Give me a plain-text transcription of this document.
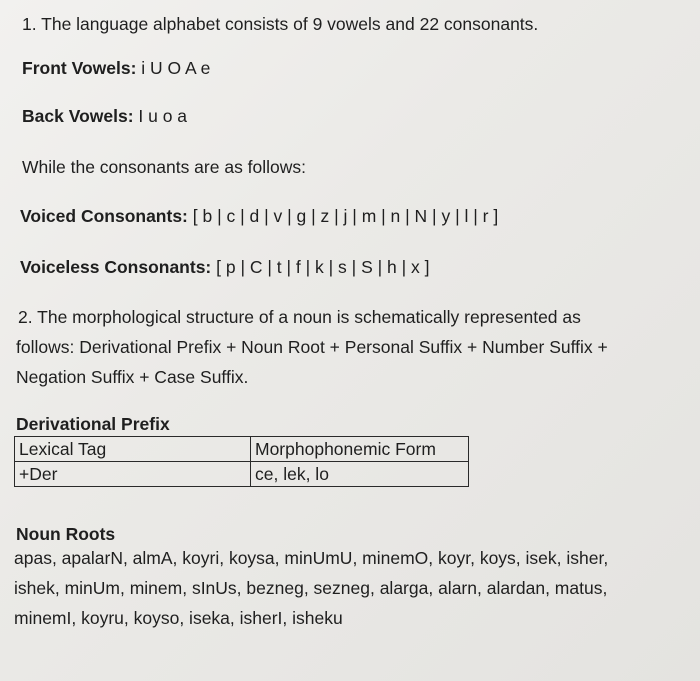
1. The language alphabet consists of 9 vowels and 22 consonants.
Front Vowels: i U O A e
Back Vowels: I u o a
While the consonants are as follows:
Voiced Consonants: [ b | c | d | v | g | z | j | m | n | N | y | l | r ]
Voiceless Consonants: [ p | C | t | f | k | s | S | h | x ]
2. The morphological structure of a noun is schematically represented as
follows: Derivational Prefix + Noun Root + Personal Suffix + Number Suffix +
Negation Suffix + Case Suffix.
Derivational Prefix
Lexical Tag	Morphophonemic Form
+Der	ce, lek, lo
Noun Roots
apas, apalarN, almA, koyri, koysa, minUmU, minemO, koyr, koys, isek, isher,
ishek, minUm, minem, sInUs, bezneg, sezneg, alarga, alarn, alardan, matus,
minemI, koyru, koyso, iseka, isherI, isheku
